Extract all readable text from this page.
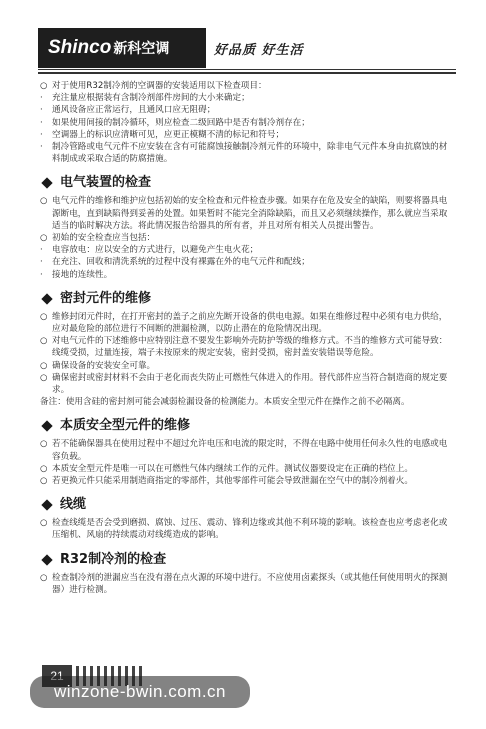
Shinco 新科空调	好品质 好生活
○ 对于使用R32制冷剂的空调器的安装适用以下检查项目：
·	充注量应根据装有含制冷剂部件房间的大小来确定；
·	通风设备应正常运行，且通风口应无阻碍；
·	如果使用间接的制冷循环，则应检查二级回路中是否有制冷剂存在；
·	空调器上的标识应清晰可见，应更正模糊不清的标记和符号；
·	制冷管路或电气元件不应安装在含有可能腐蚀接触制冷剂元件的环境中，除非电气元件本身由抗腐蚀的材料制成或采取合适的防腐措施。
电气装置的检查
○ 电气元件的维修和维护应包括初始的安全检查和元件检查步骤。如果存在危及安全的缺陷，则要将器具电源断电，直到缺陷得到妥善的处置。如果暂时不能完全消除缺陷，而且又必须继续操作，那么就应当采取适当的临时解决方法。将此情况报告给器具的所有者，并且对所有相关人员提出警告。
○ 初始的安全检查应当包括：
·	电容放电：应以安全的方式进行，以避免产生电火花；
·	在充注、回收和清洗系统的过程中没有裸露在外的电气元件和配线；
·	接地的连续性。
密封元件的维修
○ 维修封闭元件时，在打开密封的盖子之前应先断开设备的供电电源。如果在维修过程中必须有电力供给，应对最危险的部位进行不间断的泄漏检测，以防止潜在的危险情况出现。
○ 对电气元件的下述维修中应特别注意不要发生影响外壳防护等级的维修方式。不当的维修方式可能导致：线缆受损，过量连接，端子未按原来的规定安装，密封受损，密封盖安装错误等危险。
○ 确保设备的安装安全可靠。
○ 确保密封或密封材料不会由于老化而丧失防止可燃性气体进入的作用。替代部件应当符合制造商的规定要求。
备注：使用含硅的密封剂可能会减弱检漏设备的检测能力。本质安全型元件在操作之前不必隔离。
本质安全型元件的维修
○ 若不能确保器具在使用过程中不超过允许电压和电流的限定时，不得在电路中使用任何永久性的电感或电容负载。
○ 本质安全型元件是唯一可以在可燃性气体内继续工作的元件。测试仪器要设定在正确的档位上。
○ 若更换元件只能采用制造商指定的零部件，其他零部件可能会导致泄漏在空气中的制冷剂着火。
线缆
○ 检查线缆是否会受到磨损、腐蚀、过压、震动、锋利边缘或其他不利环境的影响。该检查也应考虑老化或压缩机、风扇的持续震动对线缆造成的影响。
R32制冷剂的检查
○ 检查制冷剂的泄漏应当在没有潜在点火源的环境中进行。不应使用卤素探头（或其他任何使用明火的探测器）进行检测。
winzone-bwin.com.cn
